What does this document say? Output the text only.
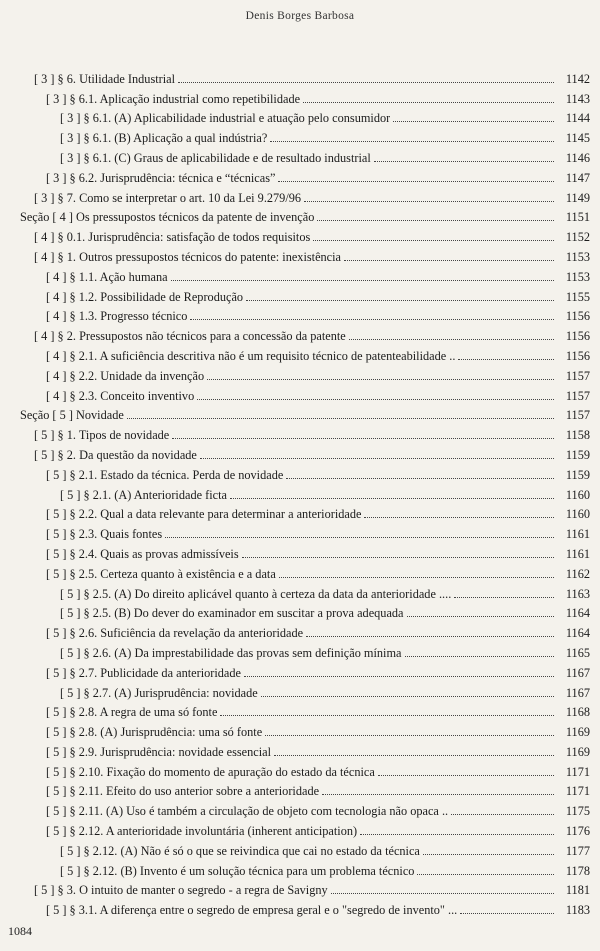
Denis Borges Barbosa
[ 3 ] § 6. Utilidade Industrial	1142
[ 3 ] § 6.1. Aplicação industrial como repetibilidade	1143
[ 3 ] § 6.1. (A) Aplicabilidade industrial e atuação pelo consumidor	1144
[ 3 ] § 6.1. (B) Aplicação a qual indústria?	1145
[ 3 ] § 6.1. (C) Graus de aplicabilidade e de resultado industrial	1146
[ 3 ] § 6.2. Jurisprudência: técnica e “técnicas”	1147
[ 3 ] § 7. Como se interpretar o art. 10 da Lei 9.279/96	1149
Seção [ 4 ] Os pressupostos técnicos da patente de invenção	1151
[ 4 ] § 0.1. Jurisprudência: satisfação de todos requisitos	1152
[ 4 ] § 1. Outros pressupostos técnicos do patente: inexistência	1153
[ 4 ] § 1.1. Ação humana	1153
[ 4 ] § 1.2. Possibilidade de Reprodução	1155
[ 4 ] § 1.3. Progresso técnico	1156
[ 4 ] § 2. Pressupostos não técnicos para a concessão da patente	1156
[ 4 ] § 2.1. A suficiência descritiva não é um requisito técnico de patenteabilidade ..	1156
[ 4 ] § 2.2. Unidade da invenção	1157
[ 4 ] § 2.3. Conceito inventivo	1157
Seção [ 5 ] Novidade	1157
[ 5 ] § 1. Tipos de novidade	1158
[ 5 ] § 2. Da questão da novidade	1159
[ 5 ] § 2.1. Estado da técnica. Perda de novidade	1159
[ 5 ] § 2.1. (A) Anterioridade ficta	1160
[ 5 ] § 2.2. Qual a data relevante para determinar a anterioridade	1160
[ 5 ] § 2.3. Quais fontes	1161
[ 5 ] § 2.4. Quais as provas admissíveis	1161
[ 5 ] § 2.5. Certeza quanto à existência e a data	1162
[ 5 ] § 2.5. (A) Do direito aplicável quanto à certeza da data da anterioridade ....	1163
[ 5 ] § 2.5. (B) Do dever do examinador em suscitar a prova adequada	1164
[ 5 ] § 2.6. Suficiência da revelação da anterioridade	1164
[ 5 ] § 2.6. (A) Da imprestabilidade das provas sem definição mínima	1165
[ 5 ] § 2.7. Publicidade da anterioridade	1167
[ 5 ] § 2.7. (A) Jurisprudência: novidade	1167
[ 5 ] § 2.8. A regra de uma só fonte	1168
[ 5 ] § 2.8. (A) Jurisprudência: uma só fonte	1169
[ 5 ] § 2.9. Jurisprudência: novidade essencial	1169
[ 5 ] § 2.10. Fixação do momento de apuração do estado da técnica	1171
[ 5 ] § 2.11. Efeito do uso anterior sobre a anterioridade	1171
[ 5 ] § 2.11. (A) Uso é também a circulação de objeto com tecnologia não opaca ..	1175
[ 5 ] § 2.12. A anterioridade involuntária (inherent anticipation)	1176
[ 5 ] § 2.12. (A) Não é só o que se reivindica que cai no estado da técnica	1177
[ 5 ] § 2.12. (B) Invento é um solução técnica para um problema técnico	1178
[ 5 ] § 3. O intuito de manter o segredo - a regra de Savigny	1181
[ 5 ] § 3.1. A diferença entre o segredo de empresa geral e o "segredo de invento" ...	1183
1084
